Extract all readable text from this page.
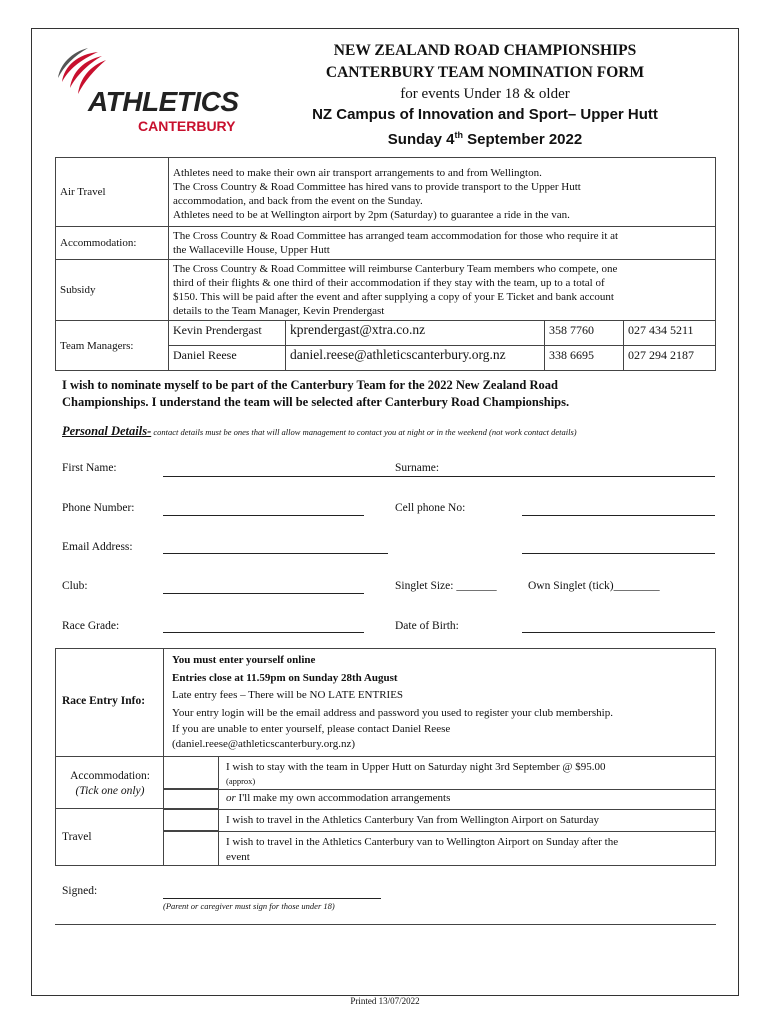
ATHLETICS
CANTERBURY
NEW ZEALAND ROAD CHAMPIONSHIPS
CANTERBURY TEAM NOMINATION FORM
for events Under 18 & older
NZ Campus of Innovation and Sport– Upper Hutt
Sunday 4th September 2022
Air Travel	
Athletes need to make their own air transport arrangements to and from Wellington.
The Cross Country & Road Committee has hired vans to provide transport to the Upper Hutt
accommodation, and back from the event on the Sunday.
Athletes need to be at Wellington airport by 2pm (Saturday) to guarantee a ride in the van.

Accommodation:	
The Cross Country & Road Committee has arranged team accommodation for those who require it at
the Wallaceville House, Upper Hutt

Subsidy	
The Cross Country & Road Committee will reimburse Canterbury Team members who compete, one
third of their flights & one third of their accommodation if they stay with the team, up to a total of
$150. This will be paid after the event and after supplying a copy of your E Ticket and bank account
details to the Team Manager, Kevin Prendergast

Team Managers:	
Kevin Prendergast	kprendergast@xtra.co.nz	358 7760	027 434 5211
Daniel Reese	daniel.reese@athleticscanterbury.org.nz	338 6695	027 294 2187
I wish to nominate myself to be part of the Canterbury Team for the 2022 New Zealand Road
Championships. I understand the team will be selected after Canterbury Road Championships.
Personal Details- contact details must be ones that will allow management to contact you at night or in the weekend (not work contact details)
First Name:	Surname:
Phone Number:	Cell phone No:
Email Address:
Club:	Singlet Size: _______	Own Singlet (tick)________
Race Grade:	Date of Birth:
Race Entry Info:
You must enter yourself online
Entries close at 11.59pm on Sunday 28th August
Late entry fees – There will be NO LATE ENTRIES
Your entry login will be the email address and password you used to register your club membership.
If you are unable to enter yourself, please contact Daniel Reese
(daniel.reese@athleticscanterbury.org.nz)
Accommodation:
(Tick one only)
I wish to stay with the team in Upper Hutt on Saturday night 3rd September @ $95.00
(approx)
or I'll make my own accommodation arrangements
Travel
I wish to travel in the Athletics Canterbury Van from Wellington Airport on Saturday
I wish to travel in the Athletics Canterbury van to Wellington Airport on Sunday after the
event
Signed:
(Parent or caregiver must sign for those under 18)
Printed 13/07/2022
